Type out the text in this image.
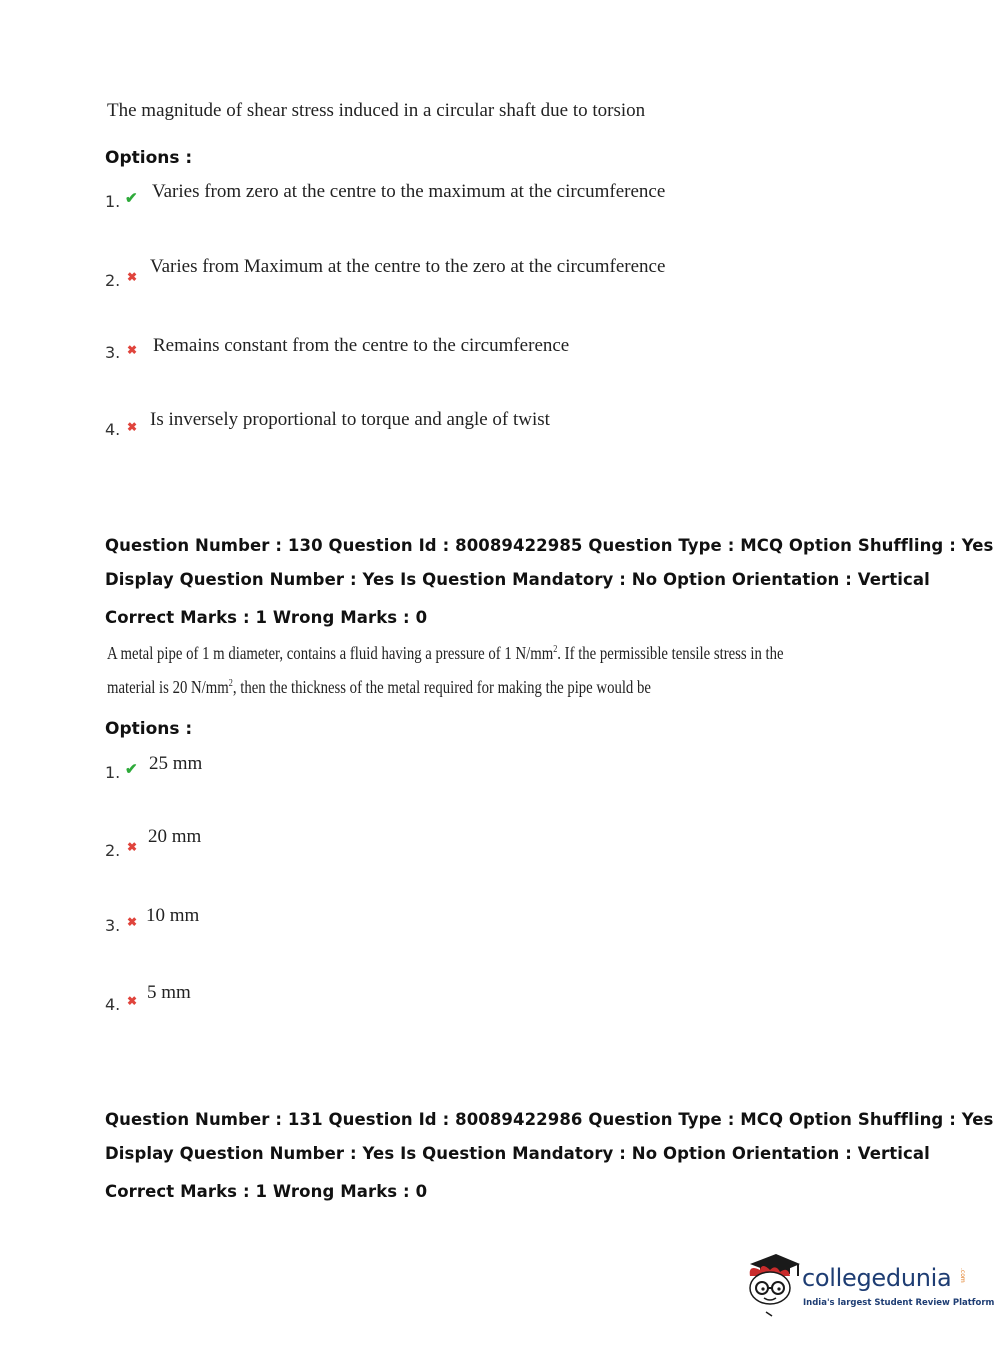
The magnitude of shear stress induced in a circular shaft due to torsion
Options :
1. ✔ Varies from zero at the centre to the maximum at the circumference
2. ✖ Varies from Maximum at the centre to the zero at the circumference
3. ✖ Remains constant from the centre to the circumference
4. ✖ Is inversely proportional to torque and angle of twist
Question Number : 130 Question Id : 80089422985 Question Type : MCQ Option Shuffling : Yes
Display Question Number : Yes Is Question Mandatory : No Option Orientation : Vertical
Correct Marks : 1 Wrong Marks : 0
A metal pipe of 1 m diameter, contains a fluid having a pressure of 1 $N/mm^2$. If the permissible tensile stress in the
material is 20 $N/mm^2$, then the thickness of the metal required for making the pipe would be
Options :
1. ✔ 25 mm
2. ✖ 20 mm
3. ✖ 10 mm
4. ✖ 5 mm
Question Number : 131 Question Id : 80089422986 Question Type : MCQ Option Shuffling : Yes
Display Question Number : Yes Is Question Mandatory : No Option Orientation : Vertical
Correct Marks : 1 Wrong Marks : 0
collegedunia .com
India's largest Student Review Platform
